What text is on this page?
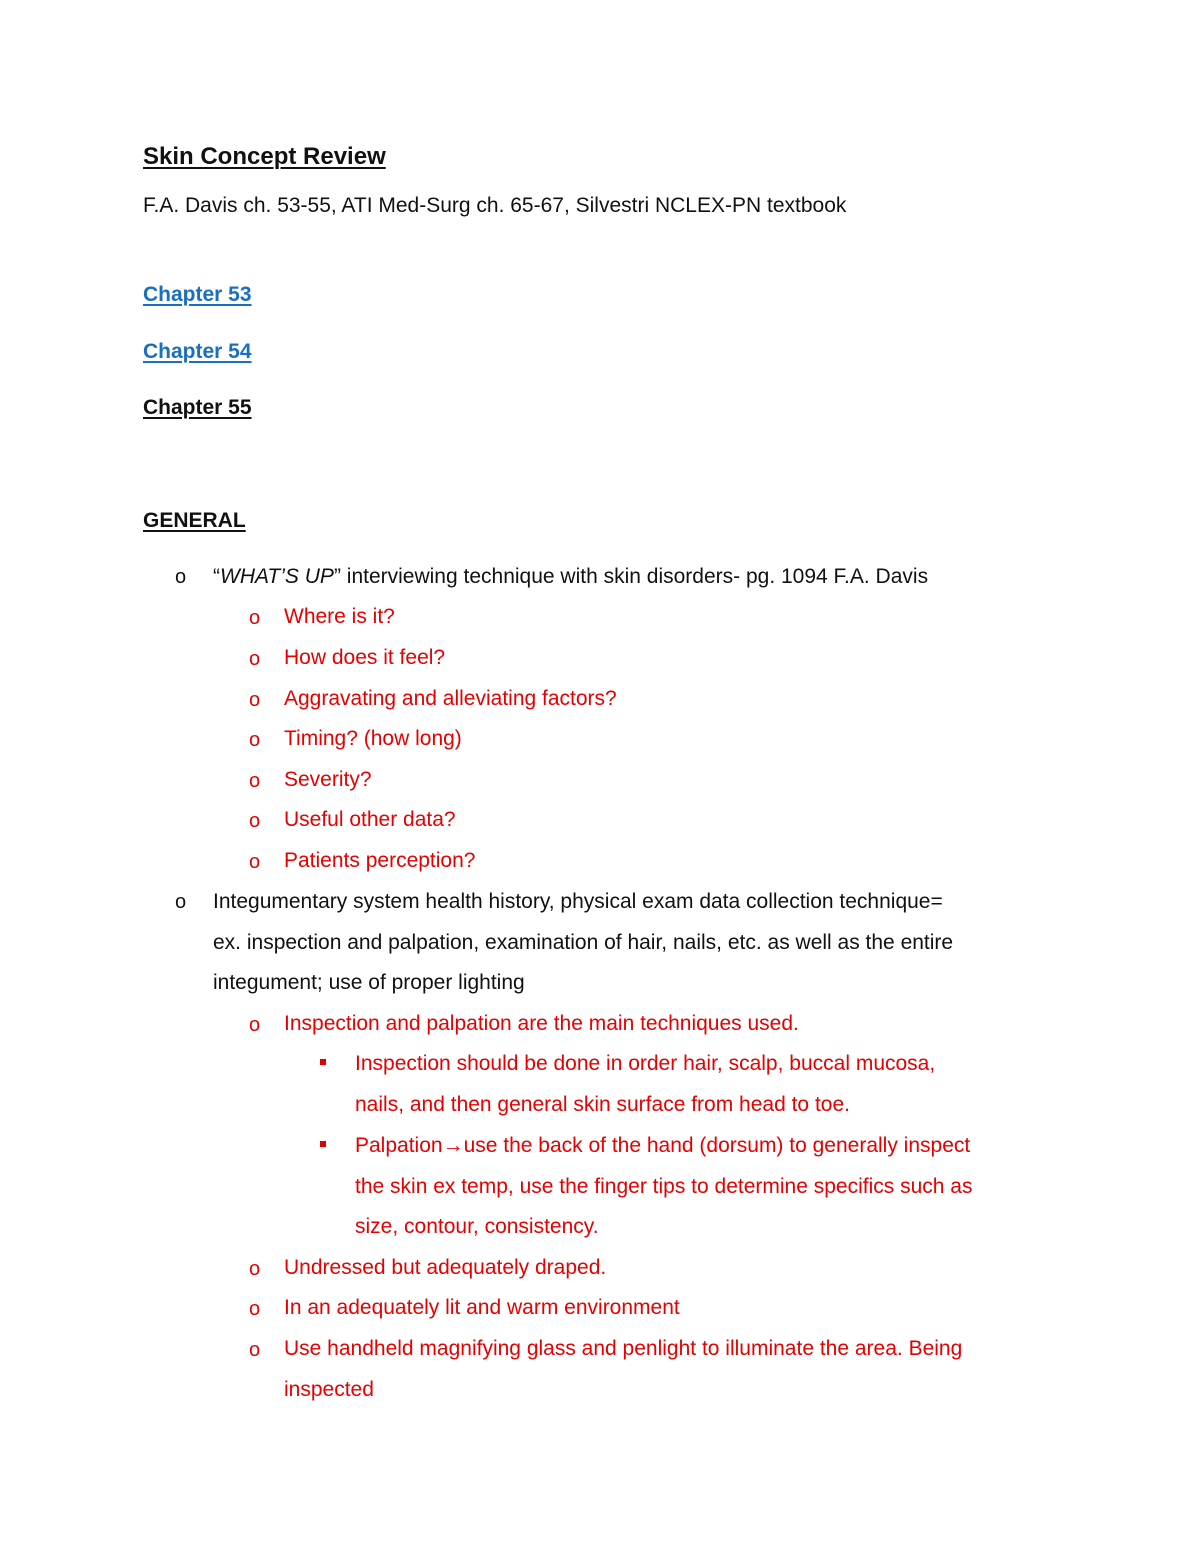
Skin Concept Review
F.A. Davis ch. 53-55, ATI Med-Surg ch. 65-67, Silvestri NCLEX-PN textbook
Chapter 53
Chapter 54
Chapter 55
GENERAL
o “WHAT’S UP” interviewing technique with skin disorders- pg. 1094 F.A. Davis
o Where is it?
o How does it feel?
o Aggravating and alleviating factors?
o Timing? (how long)
o Severity?
o Useful other data?
o Patients perception?
o Integumentary system health history, physical exam data collection technique=
ex. inspection and palpation, examination of hair, nails, etc. as well as the entire
integument; use of proper lighting
o Inspection and palpation are the main techniques used.
Inspection should be done in order hair, scalp, buccal mucosa,
nails, and then general skin surface from head to toe.
Palpation→use the back of the hand (dorsum) to generally inspect
the skin ex temp, use the finger tips to determine specifics such as
size, contour, consistency.
o Undressed but adequately draped.
o In an adequately lit and warm environment
o Use handheld magnifying glass and penlight to illuminate the area. Being
inspected
